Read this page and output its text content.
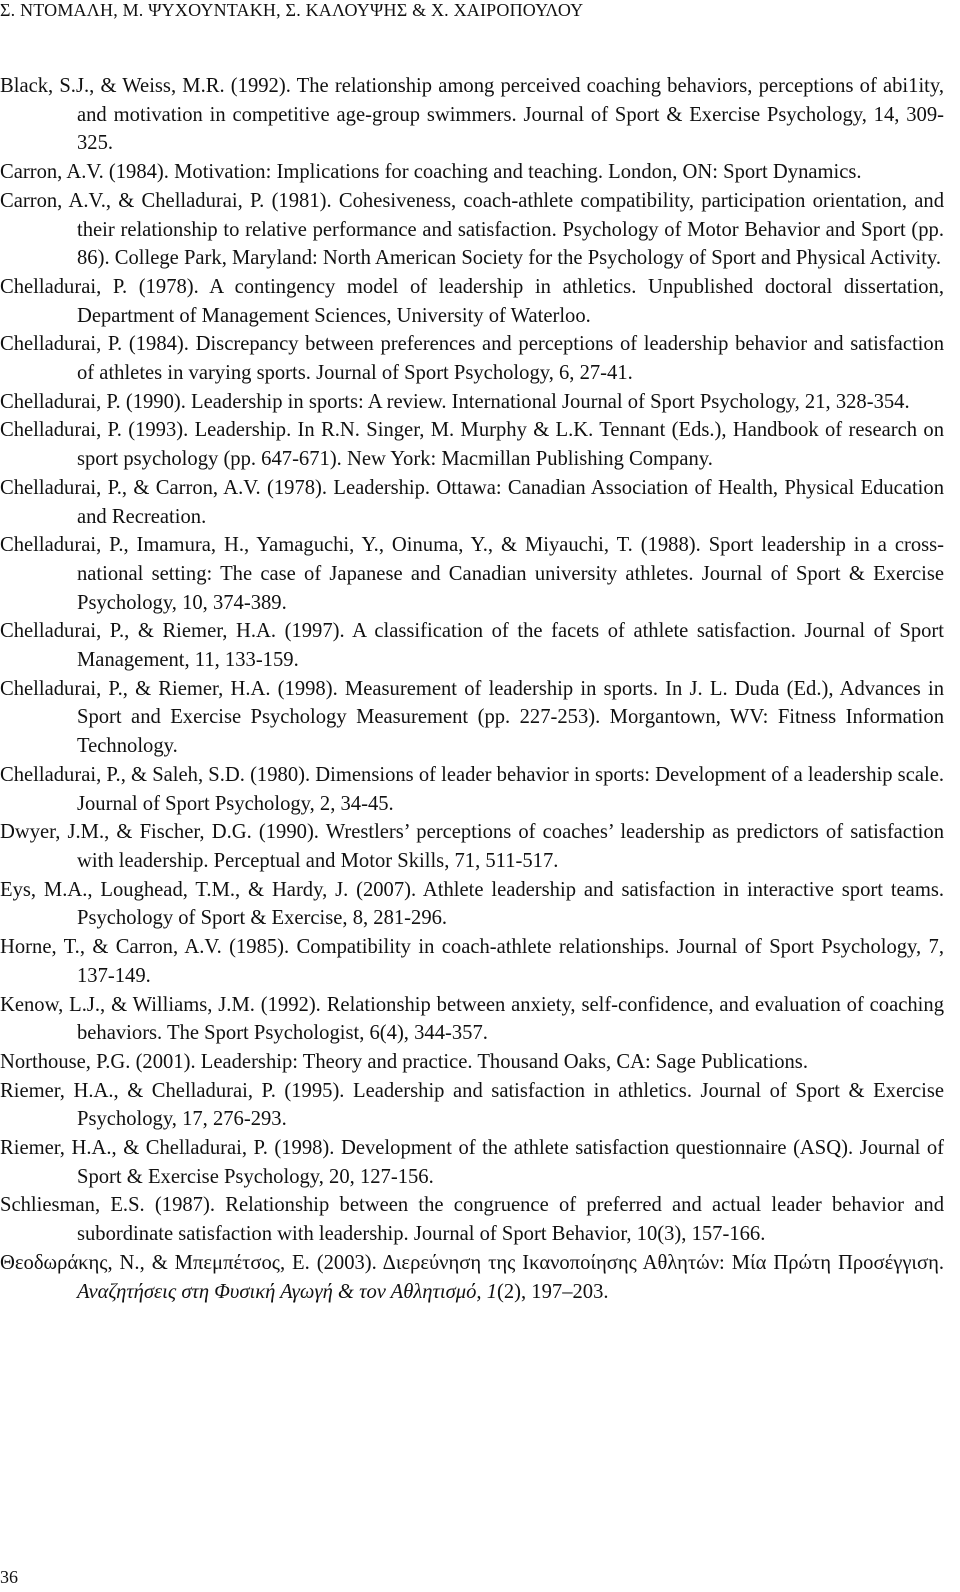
Σ. ΝΤΟΜΑΛΗ, Μ. ΨΥΧΟΥΝΤΑΚΗ, Σ. ΚΑΛΟΥΨΗΣ & Χ. ΧΑΙΡΟΠΟΥΛΟΥ

Black, S.J., & Weiss, M.R. (1992). The relationship among perceived coaching behaviors, perceptions of abi1ity, and motivation in competitive age-group swimmers. Journal of Sport & Exercise Psychology, 14, 309-325.

Carron, A.V. (1984). Motivation: Implications for coaching and teaching. London, ON: Sport Dynamics.

Carron, A.V., & Chelladurai, P. (1981). Cohesiveness, coach-athlete compatibility, participation orientation, and their relationship to relative performance and satisfaction. Psychology of Motor Behavior and Sport (pp. 86). College Park, Maryland: North American Society for the Psychology of Sport and Physical Activity.

Chelladurai, P. (1978). A contingency model of leadership in athletics. Unpublished doctoral dissertation, Department of Management Sciences, University of Waterloo.

Chelladurai, P. (1984). Discrepancy between preferences and perceptions of leadership behavior and satisfaction of athletes in varying sports. Journal of Sport Psychology, 6, 27-41.

Chelladurai, P. (1990). Leadership in sports: A review. International Journal of Sport Psychology, 21, 328-354.

Chelladurai, P. (1993). Leadership. In R.N. Singer, M. Murphy & L.K. Tennant (Eds.), Handbook of research on sport psychology (pp. 647-671). New York: Macmillan Publishing Company.

Chelladurai, P., & Carron, A.V. (1978). Leadership. Ottawa: Canadian Association of Health, Physical Education and Recreation.

Chelladurai, P., Imamura, H., Yamaguchi, Y., Oinuma, Y., & Miyauchi, T. (1988). Sport leadership in a cross-national setting: The case of Japanese and Canadian university athletes. Journal of Sport & Exercise Psychology, 10, 374-389.

Chelladurai, P., & Riemer, H.A. (1997). A classification of the facets of athlete satisfaction. Journal of Sport Management, 11, 133-159.

Chelladurai, P., & Riemer, H.A. (1998). Measurement of leadership in sports. In J. L. Duda (Ed.), Advances in Sport and Exercise Psychology Measurement (pp. 227-253). Morgantown, WV: Fitness Information Technology.

Chelladurai, P., & Saleh, S.D. (1980). Dimensions of leader behavior in sports: Development of a leadership scale. Journal of Sport Psychology, 2, 34-45.

Dwyer, J.M., & Fischer, D.G. (1990). Wrestlers’ perceptions of coaches’ leadership as predictors of satisfaction with leadership. Perceptual and Motor Skills, 71, 511-517.

Eys, M.A., Loughead, T.M., & Hardy, J. (2007). Athlete leadership and satisfaction in interactive sport teams. Psychology of Sport & Exercise, 8, 281-296.

Horne, T., & Carron, A.V. (1985). Compatibility in coach-athlete relationships. Journal of Sport Psychology, 7, 137-149.

Kenow, L.J., & Williams, J.M. (1992). Relationship between anxiety, self-confidence, and evaluation of coaching behaviors. The Sport Psychologist, 6(4), 344-357.

Northouse, P.G. (2001). Leadership: Theory and practice. Thousand Oaks, CA: Sage Publications.

Riemer, H.A., & Chelladurai, P. (1995). Leadership and satisfaction in athletics. Journal of Sport & Exercise Psychology, 17, 276-293.

Riemer, H.A., & Chelladurai, P. (1998). Development of the athlete satisfaction questionnaire (ASQ). Journal of Sport & Exercise Psychology, 20, 127-156.

Schliesman, E.S. (1987). Relationship between the congruence of preferred and actual leader behavior and subordinate satisfaction with leadership. Journal of Sport Behavior, 10(3), 157-166.

Θεοδωράκης, Ν., & Μπεμπέτσος, Ε. (2003). Διερεύνηση της Ικανοποίησης Αθλητών: Μία Πρώτη Προσέγγιση. Αναζητήσεις στη Φυσική Αγωγή & τον Αθλητισμό, 1(2), 197–203.

36
